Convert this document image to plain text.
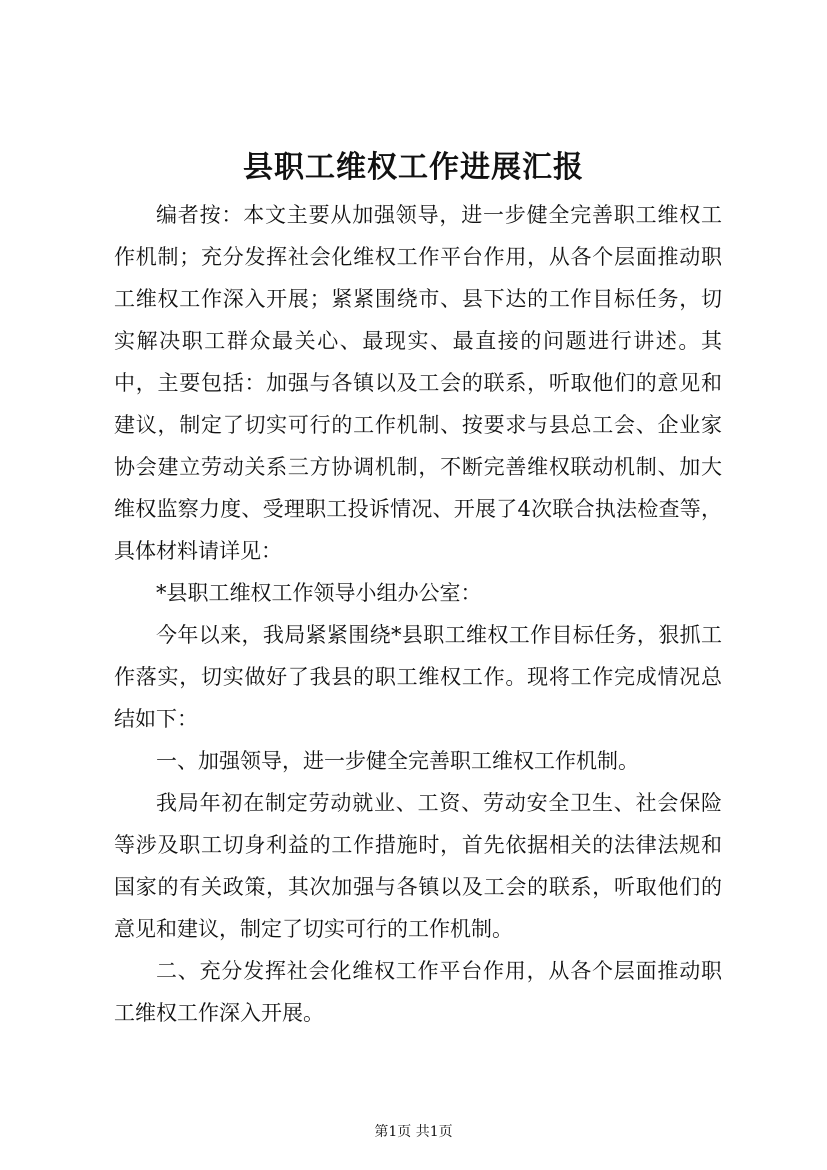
县职工维权工作进展汇报

编者按：本文主要从加强领导，进一步健全完善职工维权工作机制；充分发挥社会化维权工作平台作用，从各个层面推动职工维权工作深入开展；紧紧围绕市、县下达的工作目标任务，切实解决职工群众最关心、最现实、最直接的问题进行讲述。其中，主要包括：加强与各镇以及工会的联系，听取他们的意见和建议，制定了切实可行的工作机制、按要求与县总工会、企业家协会建立劳动关系三方协调机制，不断完善维权联动机制、加大维权监察力度、受理职工投诉情况、开展了4次联合执法检查等，具体材料请详见：

*县职工维权工作领导小组办公室：

今年以来，我局紧紧围绕*县职工维权工作目标任务，狠抓工作落实，切实做好了我县的职工维权工作。现将工作完成情况总结如下：

一、加强领导，进一步健全完善职工维权工作机制。

我局年初在制定劳动就业、工资、劳动安全卫生、社会保险等涉及职工切身利益的工作措施时，首先依据相关的法律法规和国家的有关政策，其次加强与各镇以及工会的联系，听取他们的意见和建议，制定了切实可行的工作机制。

二、充分发挥社会化维权工作平台作用，从各个层面推动职工维权工作深入开展。

第1页 共1页
